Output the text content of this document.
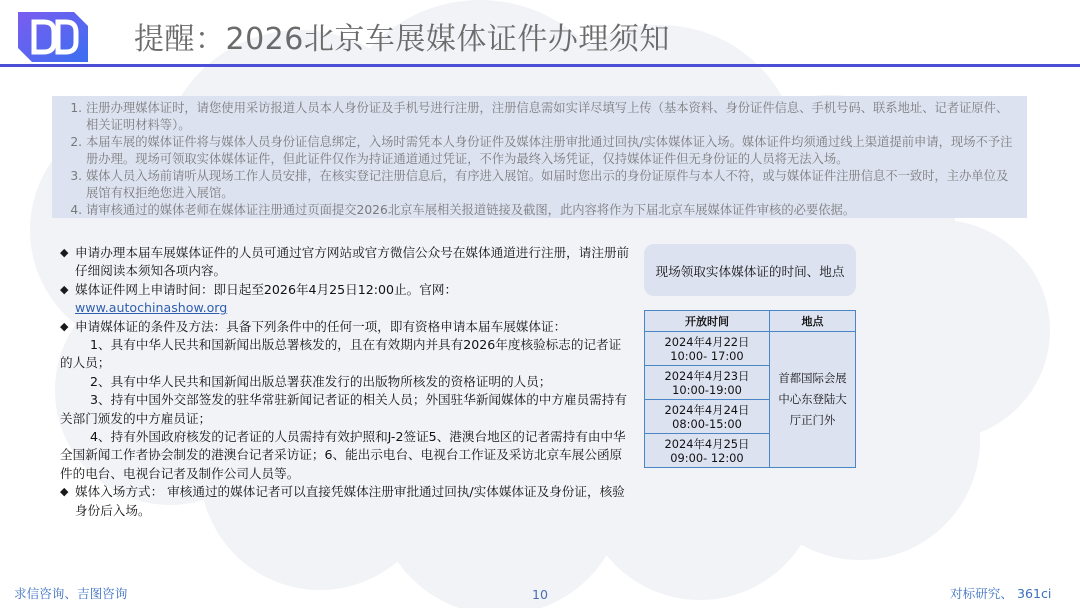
提醒：2026北京车展媒体证件办理须知
1. 注册办理媒体证时，请您使用采访报道人员本人身份证及手机号进行注册，注册信息需如实详尽填写上传（基本资料、身份证件信息、手机号码、联系地址、记者证原件、相关证明材料等）。
2. 本届车展的媒体证件将与媒体人员身份证信息绑定，入场时需凭本人身份证件及媒体注册审批通过回执/实体媒体证入场。媒体证件均须通过线上渠道提前申请，现场不予注册办理。现场可领取实体媒体证件，但此证件仅作为持证通道通过凭证，不作为最终入场凭证，仅持媒体证件但无身份证的人员将无法入场。
3. 媒体人员入场前请听从现场工作人员安排，在核实登记注册信息后，有序进入展馆。如届时您出示的身份证原件与本人不符，或与媒体证件注册信息不一致时，主办单位及展馆有权拒绝您进入展馆。
4. 请审核通过的媒体老师在媒体证注册通过页面提交2026北京车展相关报道链接及截图，此内容将作为下届北京车展媒体证件审核的必要依据。
◆ 申请办理本届车展媒体证件的人员可通过官方网站或官方微信公众号在媒体通道进行注册，请注册前仔细阅读本须知各项内容。
◆ 媒体证件网上申请时间：即日起至2026年4月25日12:00止。官网：
www.autochinashow.org
◆ 申请媒体证的条件及方法：具备下列条件中的任何一项，即有资格申请本届车展媒体证：
1、具有中华人民共和国新闻出版总署核发的，且在有效期内并具有2026年度核验标志的记者证的人员；
2、具有中华人民共和国新闻出版总署获准发行的出版物所核发的资格证明的人员；
3、持有中国外交部签发的驻华常驻新闻记者证的相关人员；外国驻华新闻媒体的中方雇员需持有关部门颁发的中方雇员证；
4、持有外国政府核发的记者证的人员需持有效护照和J-2签证5、港澳台地区的记者需持有由中华全国新闻工作者协会制发的港澳台记者采访证；6、能出示电台、电视台工作证及采访北京车展公函原件的电台、电视台记者及制作公司人员等。
◆ 媒体入场方式： 审核通过的媒体记者可以直接凭媒体注册审批通过回执/实体媒体证及身份证，核验身份后入场。
现场领取实体媒体证的时间、地点
开放时间	地点
2024年4月22日
10:00- 17:00	首都国际会展中心东登陆大厅正门外
2024年4月23日
10:00-19:00	
2024年4月24日
08:00-15:00	
2024年4月25日
09:00- 12:00	
求信咨询、吉图咨询	10	对标研究、 361ci
